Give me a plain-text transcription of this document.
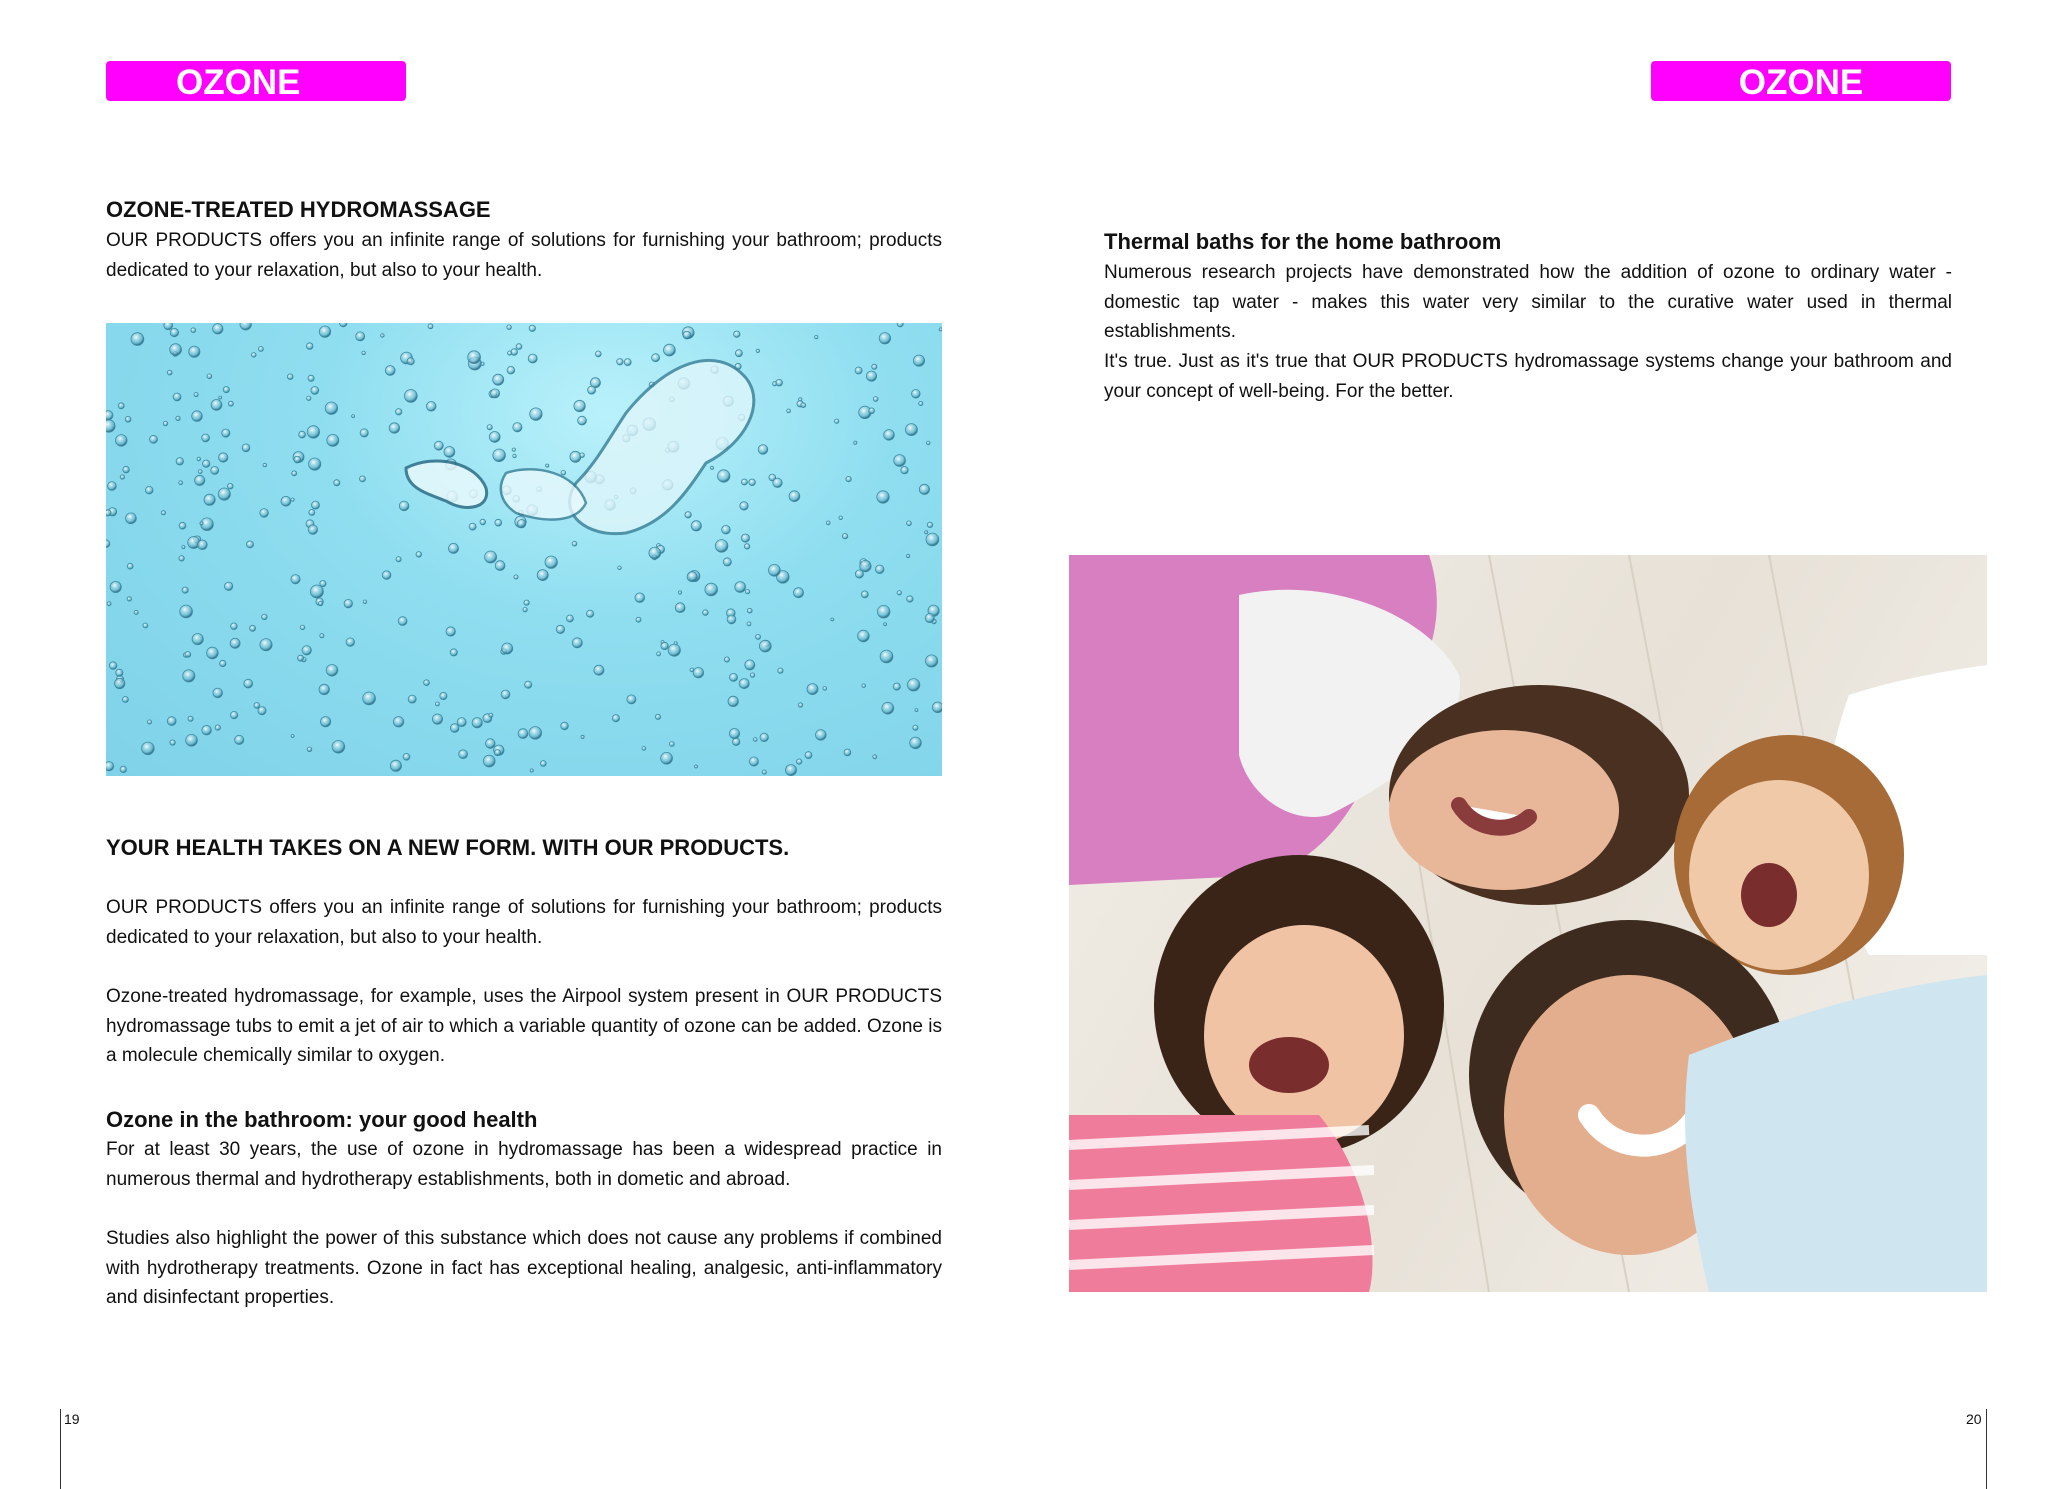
OZONE
OZONE-TREATED HYDROMASSAGE

OUR PRODUCTS offers you an infinite range of solutions for furnishing your bathroom; products dedicated to your relaxation, but also to your health.

YOUR HEALTH TAKES ON A NEW FORM. WITH OUR PRODUCTS.

OUR PRODUCTS offers you an infinite range of solutions for furnishing your bathroom; products dedicated to your relaxation, but also to your health.

Ozone-treated hydromassage, for example, uses the Airpool system present in OUR PRODUCTS hydromassage tubs to emit a jet of air to which a variable quantity of ozone can be added. Ozone is a molecule chemically similar to oxygen.

Ozone in the bathroom: your good health

For at least 30 years, the use of ozone in hydromassage has been a widespread practice in numerous thermal and hydrotherapy establishments, both in dometic and abroad.

Studies also highlight the power of this substance which does not cause any problems if combined with hydrotherapy treatments. Ozone in fact has exceptional healing, analgesic, anti-inflammatory and disinfectant properties.

19
OZONE
Thermal baths for the home bathroom

Numerous research projects have demonstrated how the addition of ozone to ordinary water - domestic tap water - makes this water very similar to the curative water used in thermal establishments.

It's true. Just as it's true that OUR PRODUCTS hydromassage systems change your bathroom and your concept of well-being. For the better.

20
